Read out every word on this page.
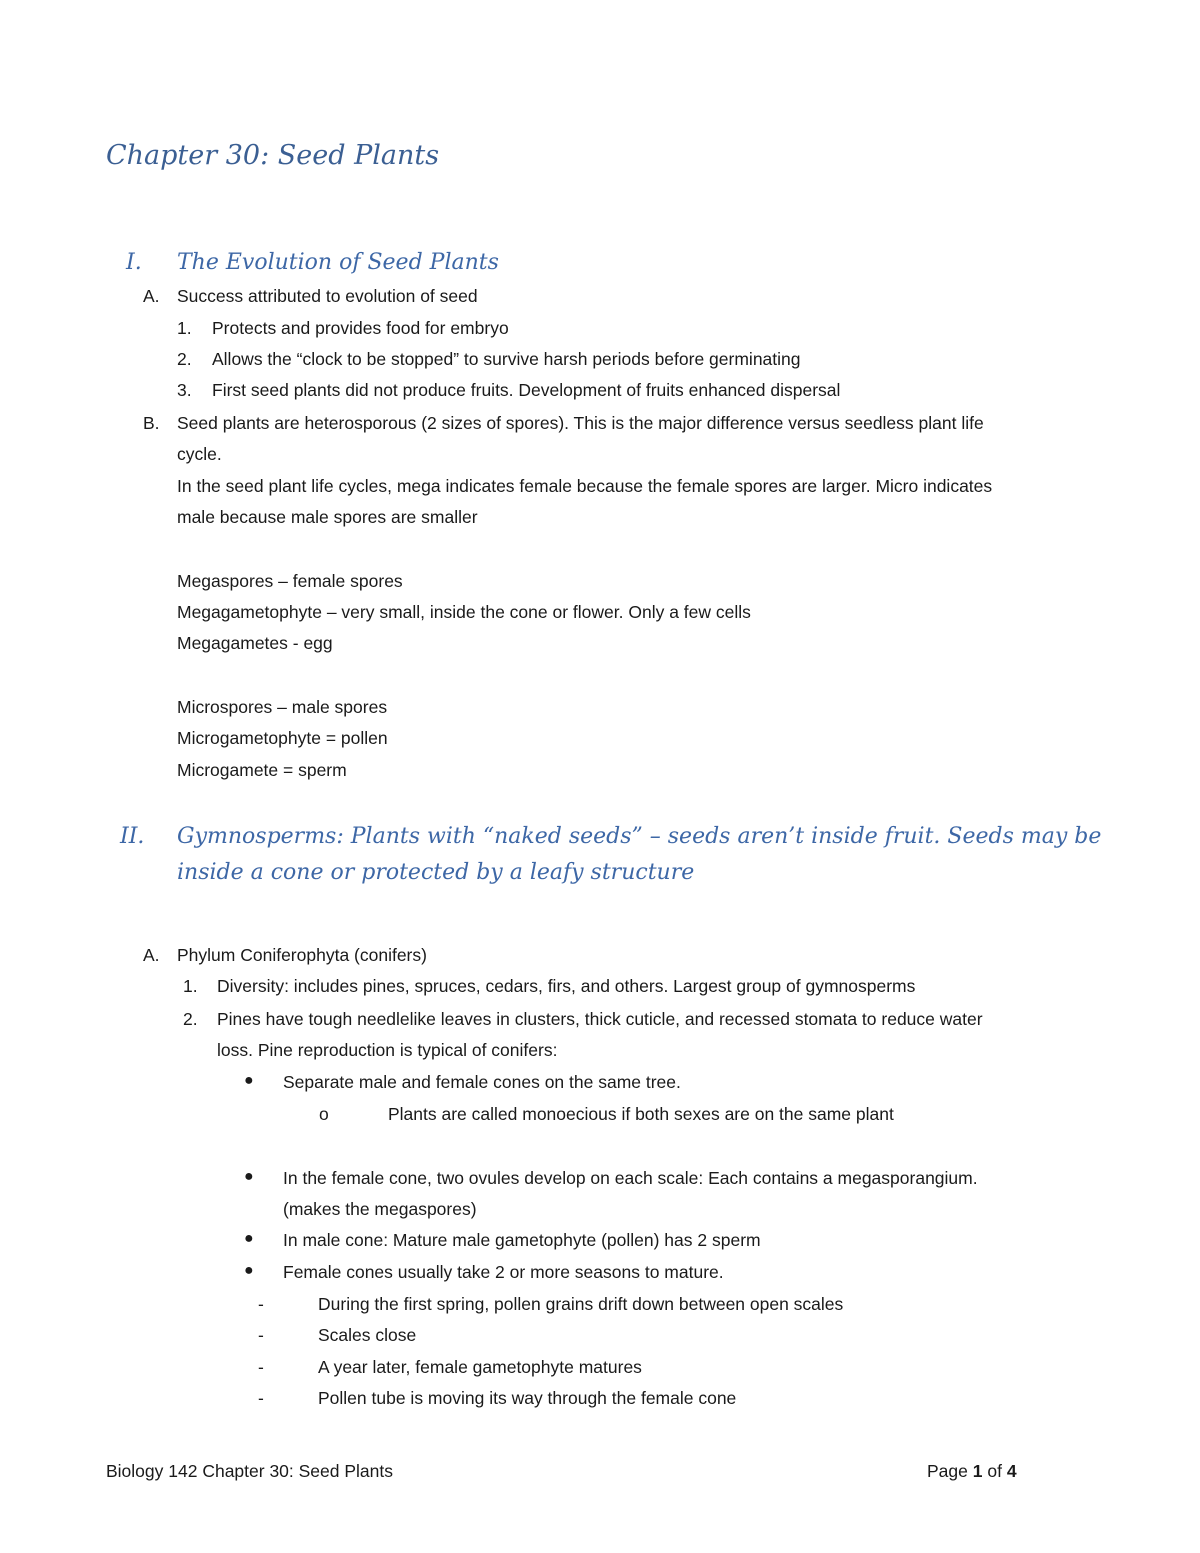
Chapter 30: Seed Plants
I. The Evolution of Seed Plants
A. Success attributed to evolution of seed
1. Protects and provides food for embryo
2. Allows the “clock to be stopped” to survive harsh periods before germinating
3. First seed plants did not produce fruits. Development of fruits enhanced dispersal
B. Seed plants are heterosporous (2 sizes of spores). This is the major difference versus seedless plant life
cycle.
In the seed plant life cycles, mega indicates female because the female spores are larger. Micro indicates
male because male spores are smaller
Megaspores – female spores
Megagametophyte – very small, inside the cone or flower. Only a few cells
Megagametes - egg
Microspores – male spores
Microgametophyte = pollen
Microgamete = sperm
II. Gymnosperms: Plants with “naked seeds” – seeds aren’t inside fruit. Seeds may be
inside a cone or protected by a leafy structure
A. Phylum Coniferophyta (conifers)
1. Diversity: includes pines, spruces, cedars, firs, and others. Largest group of gymnosperms
2. Pines have tough needlelike leaves in clusters, thick cuticle, and recessed stomata to reduce water
loss. Pine reproduction is typical of conifers:
● Separate male and female cones on the same tree.
o	Plants are called monoecious if both sexes are on the same plant
● In the female cone, two ovules develop on each scale: Each contains a megasporangium.
(makes the megaspores)
● In male cone: Mature male gametophyte (pollen) has 2 sperm
● Female cones usually take 2 or more seasons to mature.
-	During the first spring, pollen grains drift down between open scales
-	Scales close
-	A year later, female gametophyte matures
-	Pollen tube is moving its way through the female cone
Biology 142 Chapter 30: Seed Plants	Page 1 of 4
